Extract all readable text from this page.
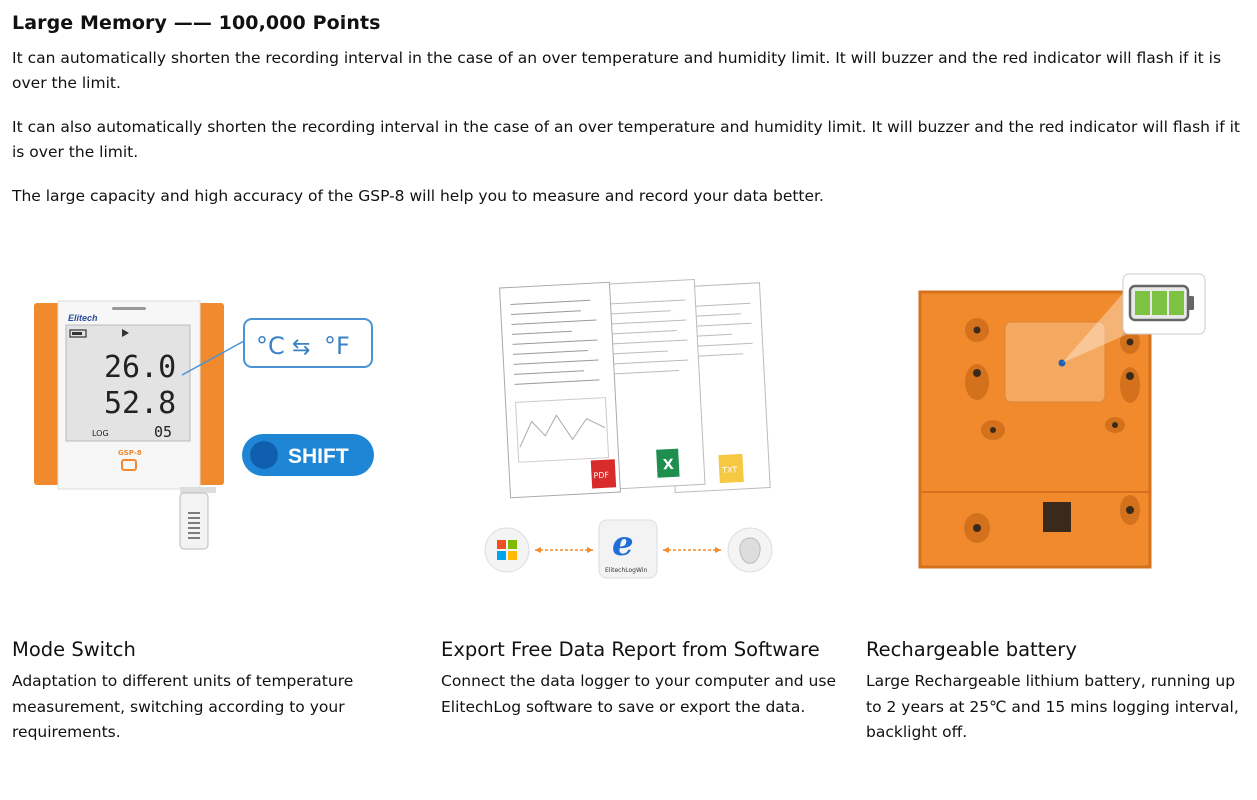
Large Memory —— 100,000 Points
It can automatically shorten the recording interval in the case of an over temperature and humidity limit. It will buzzer and the red indicator will flash if it is over the limit.
It can also automatically shorten the recording interval in the case of an over temperature and humidity limit. It will buzzer and the red indicator will flash if it is over the limit.
The large capacity and high accuracy of the GSP-8 will help you to measure and record your data better.
Elitech
26.0
52.8
LOG	05
GSP-8
°C ⇆ °F
SHIFT
TXT
X
PDF
e
ElitechLogWin
Mode Switch

Adaptation to different units of temperature measurement, switching according to your requirements.

Export Free Data Report from Software

Connect the data logger to your computer and use ElitechLog software to save or export the data.

Rechargeable battery

Large Rechargeable lithium battery, running up to 2 years at 25℃ and 15 mins logging interval, backlight off.
